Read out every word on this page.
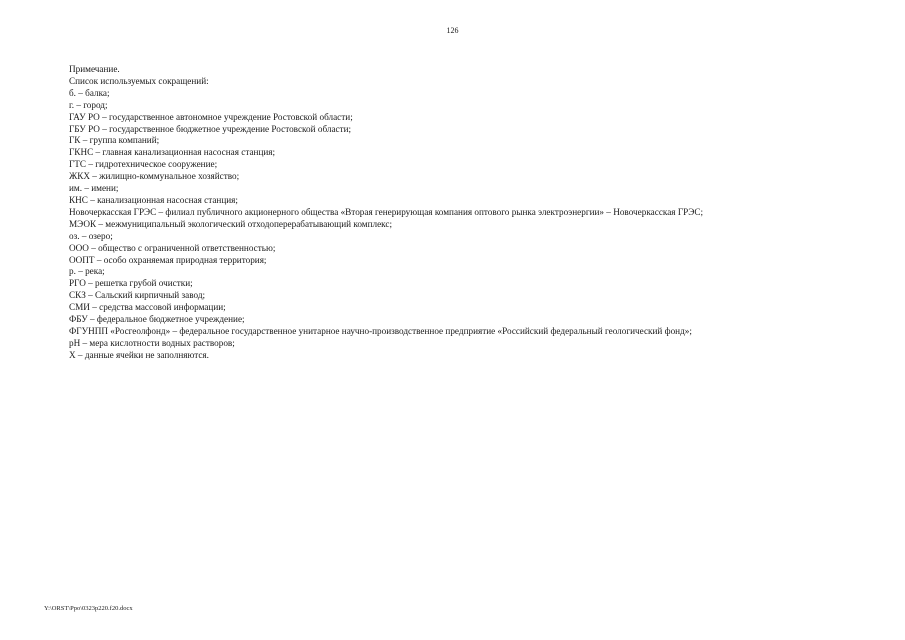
126
Примечание.
Список используемых сокращений:
б. – балка;
г. – город;
ГАУ РО – государственное автономное учреждение Ростовской области;
ГБУ РО – государственное бюджетное учреждение Ростовской области;
ГК – группа компаний;
ГКНС – главная канализационная насосная станция;
ГТС – гидротехническое сооружение;
ЖКХ – жилищно-коммунальное хозяйство;
им. – имени;
КНС – канализационная насосная станция;
Новочеркасская ГРЭС – филиал публичного акционерного общества «Вторая генерирующая компания оптового рынка электроэнергии» – Новочеркасская ГРЭС;
МЭОК – межмуниципальный экологический отходоперерабатывающий комплекс;
оз. – озеро;
ООО – общество с ограниченной ответственностью;
ООПТ – особо охраняемая природная территория;
р. – река;
РГО – решетка грубой очистки;
СКЗ – Сальский кирпичный завод;
СМИ – средства массовой информации;
ФБУ – федеральное бюджетное учреждение;
ФГУНПП «Росгеолфонд» – федеральное государственное унитарное научно-производственное предприятие «Российский федеральный геологический фонд»;
pH – мера кислотности водных растворов;
X – данные ячейки не заполняются.
Y:\ORST\Ppo\0323p220.f20.docx
